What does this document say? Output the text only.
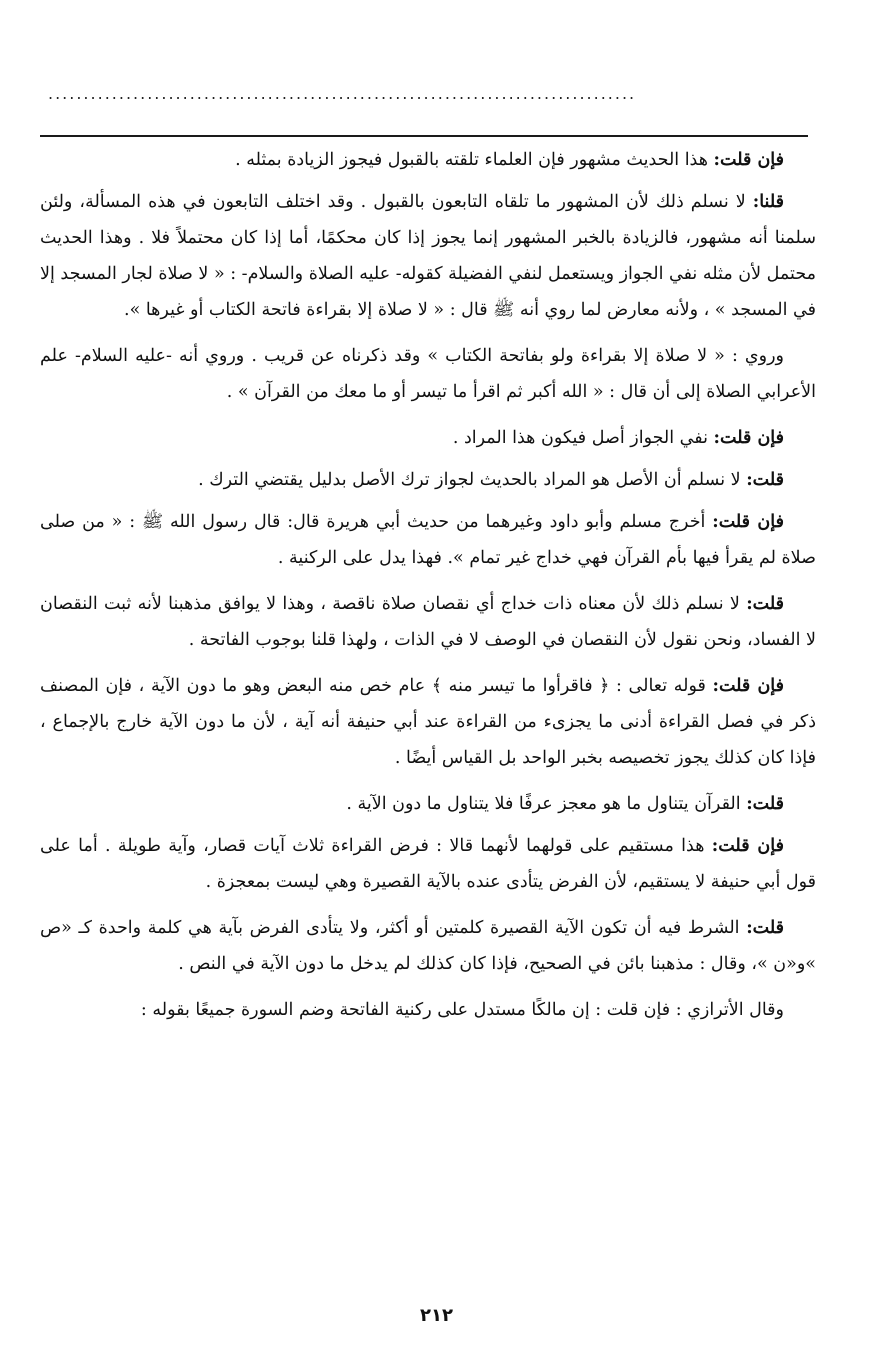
...................................................................................

فإن قلت: هذا الحديث مشهور فإن العلماء تلقته بالقبول فيجوز الزيادة بمثله .

قلنا: لا نسلم ذلك لأن المشهور ما تلقاه التابعون بالقبول . وقد اختلف التابعون في هذه المسألة، ولئن سلمنا أنه مشهور، فالزيادة بالخبر المشهور إنما يجوز إذا كان محكمًا، أما إذا كان محتملاً فلا . وهذا الحديث محتمل لأن مثله نفي الجواز ويستعمل لنفي الفضيلة كقوله- عليه الصلاة والسلام- : « لا صلاة لجار المسجد إلا في المسجد » ، ولأنه معارض لما روي أنه ﷺ قال : « لا صلاة إلا بقراءة فاتحة الكتاب أو غيرها ».

وروي : « لا صلاة إلا بقراءة ولو بفاتحة الكتاب » وقد ذكرناه عن قريب . وروي أنه -عليه السلام- علم الأعرابي الصلاة إلى أن قال : « الله أكبر ثم اقرأ ما تيسر أو ما معك من القرآن » .

فإن قلت: نفي الجواز أصل فيكون هذا المراد .

قلت: لا نسلم أن الأصل هو المراد بالحديث لجواز ترك الأصل بدليل يقتضي الترك .

فإن قلت: أخرج مسلم وأبو داود وغيرهما من حديث أبي هريرة قال: قال رسول الله ﷺ : « من صلى صلاة لم يقرأ فيها بأم القرآن فهي خداج غير تمام ». فهذا يدل على الركنية .

قلت: لا نسلم ذلك لأن معناه ذات خداج أي نقصان صلاة ناقصة ، وهذا لا يوافق مذهبنا لأنه ثبت النقصان لا الفساد، ونحن نقول لأن النقصان في الوصف لا في الذات ، ولهذا قلنا بوجوب الفاتحة .

فإن قلت: قوله تعالى : ﴿ فاقرأوا ما تيسر منه ﴾ عام خص منه البعض وهو ما دون الآية ، فإن المصنف ذكر في فصل القراءة أدنى ما يجزىء من القراءة عند أبي حنيفة أنه آية ، لأن ما دون الآية خارج بالإجماع ، فإذا كان كذلك يجوز تخصيصه بخبر الواحد بل القياس أيضًا .

قلت: القرآن يتناول ما هو معجز عرفًا فلا يتناول ما دون الآية .

فإن قلت: هذا مستقيم على قولهما لأنهما قالا : فرض القراءة ثلاث آيات قصار، وآية طويلة . أما على قول أبي حنيفة لا يستقيم، لأن الفرض يتأدى عنده بالآية القصيرة وهي ليست بمعجزة .

قلت: الشرط فيه أن تكون الآية القصيرة كلمتين أو أكثر، ولا يتأدى الفرض بآية هي كلمة واحدة كـ «ص »و«ن »، وقال : مذهبنا بائن في الصحيح، فإذا كان كذلك لم يدخل ما دون الآية في النص .

وقال الأترازي : فإن قلت : إن مالكًا مستدل على ركنية الفاتحة وضم السورة جميعًا بقوله :

٢١٢
